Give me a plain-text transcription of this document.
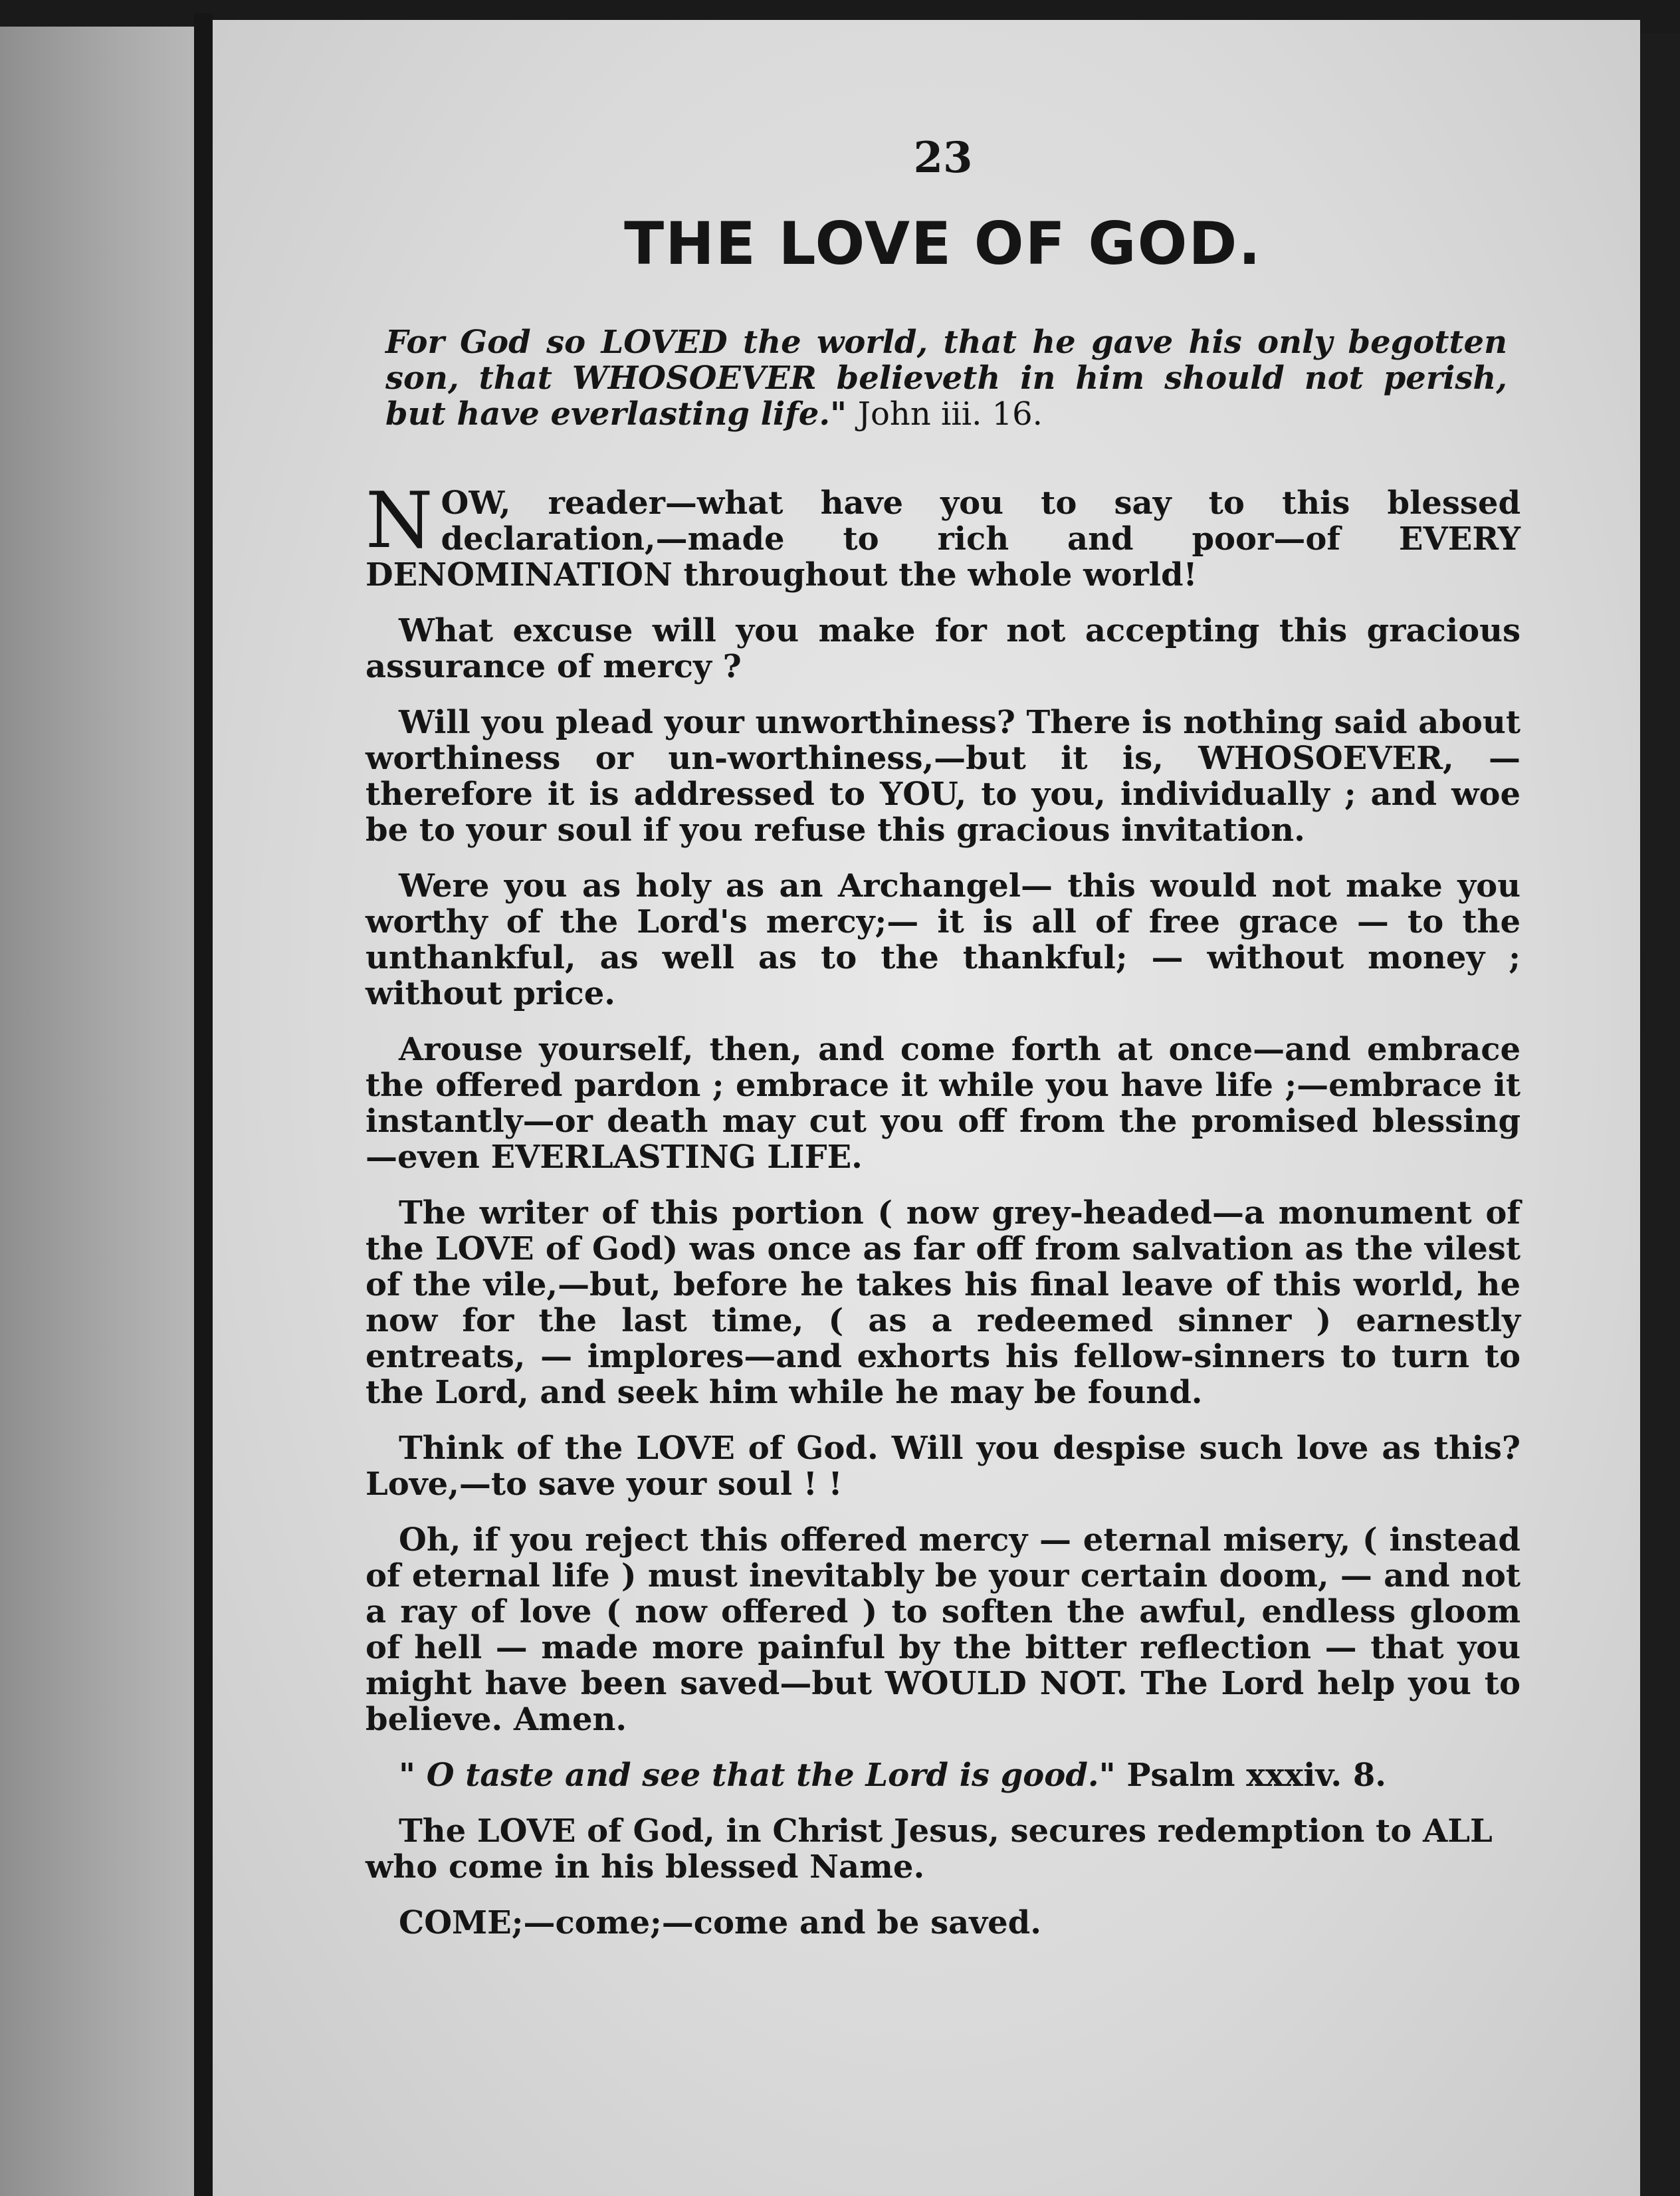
23
THE LOVE OF GOD.
For God so LOVED the world, that he gave his only begotten son, that WHOSOEVER believeth in him should not perish, but have everlasting life." John iii. 16.

NOW, reader—what have you to say to this blessed declaration,—made to rich and poor—of EVERY DENOMINATION throughout the whole world!

What excuse will you make for not accepting this gracious assurance of mercy ?

Will you plead your unworthiness? There is nothing said about worthiness or un-worthiness,—but it is, WHOSOEVER, — therefore it is addressed to YOU, to you, individually ; and woe be to your soul if you refuse this gracious invitation.

Were you as holy as an Archangel— this would not make you worthy of the Lord's mercy;— it is all of free grace — to the unthankful, as well as to the thankful; — without money ; without price.

Arouse yourself, then, and come forth at once—and embrace the offered pardon ; embrace it while you have life ;—embrace it instantly—or death may cut you off from the promised blessing—even EVERLASTING LIFE.

The writer of this portion ( now grey-headed—a monument of the LOVE of God) was once as far off from salvation as the vilest of the vile,—but, before he takes his final leave of this world, he now for the last time, ( as a redeemed sinner ) earnestly entreats, — implores—and exhorts his fellow-sinners to turn to the Lord, and seek him while he may be found.

Think of the LOVE of God. Will you despise such love as this? Love,—to save your soul ! !

Oh, if you reject this offered mercy — eternal misery, ( instead of eternal life ) must inevitably be your certain doom, — and not a ray of love ( now offered ) to soften the awful, endless gloom of hell — made more painful by the bitter reflection — that you might have been saved—but WOULD NOT. The Lord help you to believe. Amen.

" O taste and see that the Lord is good." Psalm xxxiv. 8.
The LOVE of God, in Christ Jesus, secures redemption to ALL who come in his blessed Name.
COME;—come;—come and be saved.
